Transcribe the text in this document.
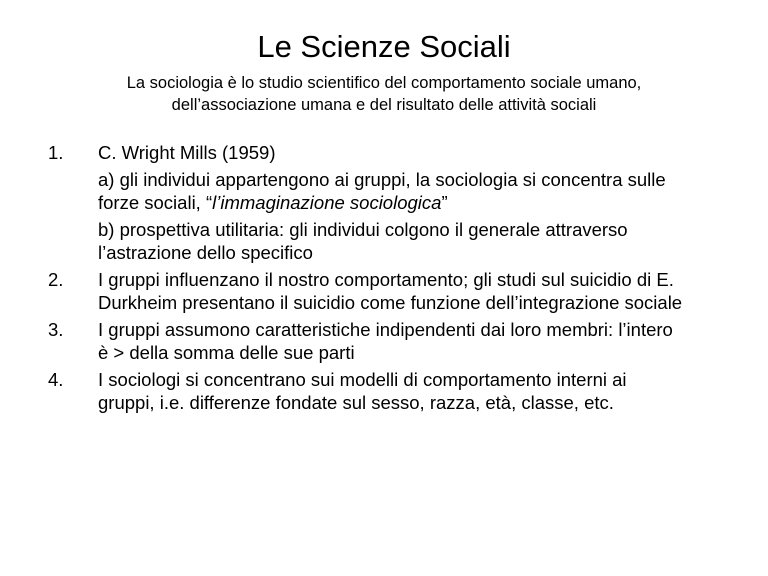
Le Scienze Sociali
La sociologia è lo studio scientifico del comportamento sociale umano,
dell’associazione umana e del risultato delle attività sociali
1. C. Wright Mills (1959)
a) gli individui appartengono ai gruppi, la sociologia si concentra sulle
forze sociali, “l’immaginazione sociologica”
b) prospettiva utilitaria: gli individui colgono il generale attraverso
l’astrazione dello specifico
2. I gruppi influenzano il nostro comportamento; gli studi sul suicidio di E.
Durkheim presentano il suicidio come funzione dell’integrazione sociale
3. I gruppi assumono caratteristiche indipendenti dai loro membri: l’intero
è > della somma delle sue parti
4. I sociologi si concentrano sui modelli di comportamento interni ai
gruppi, i.e. differenze fondate sul sesso, razza, età, classe, etc.
